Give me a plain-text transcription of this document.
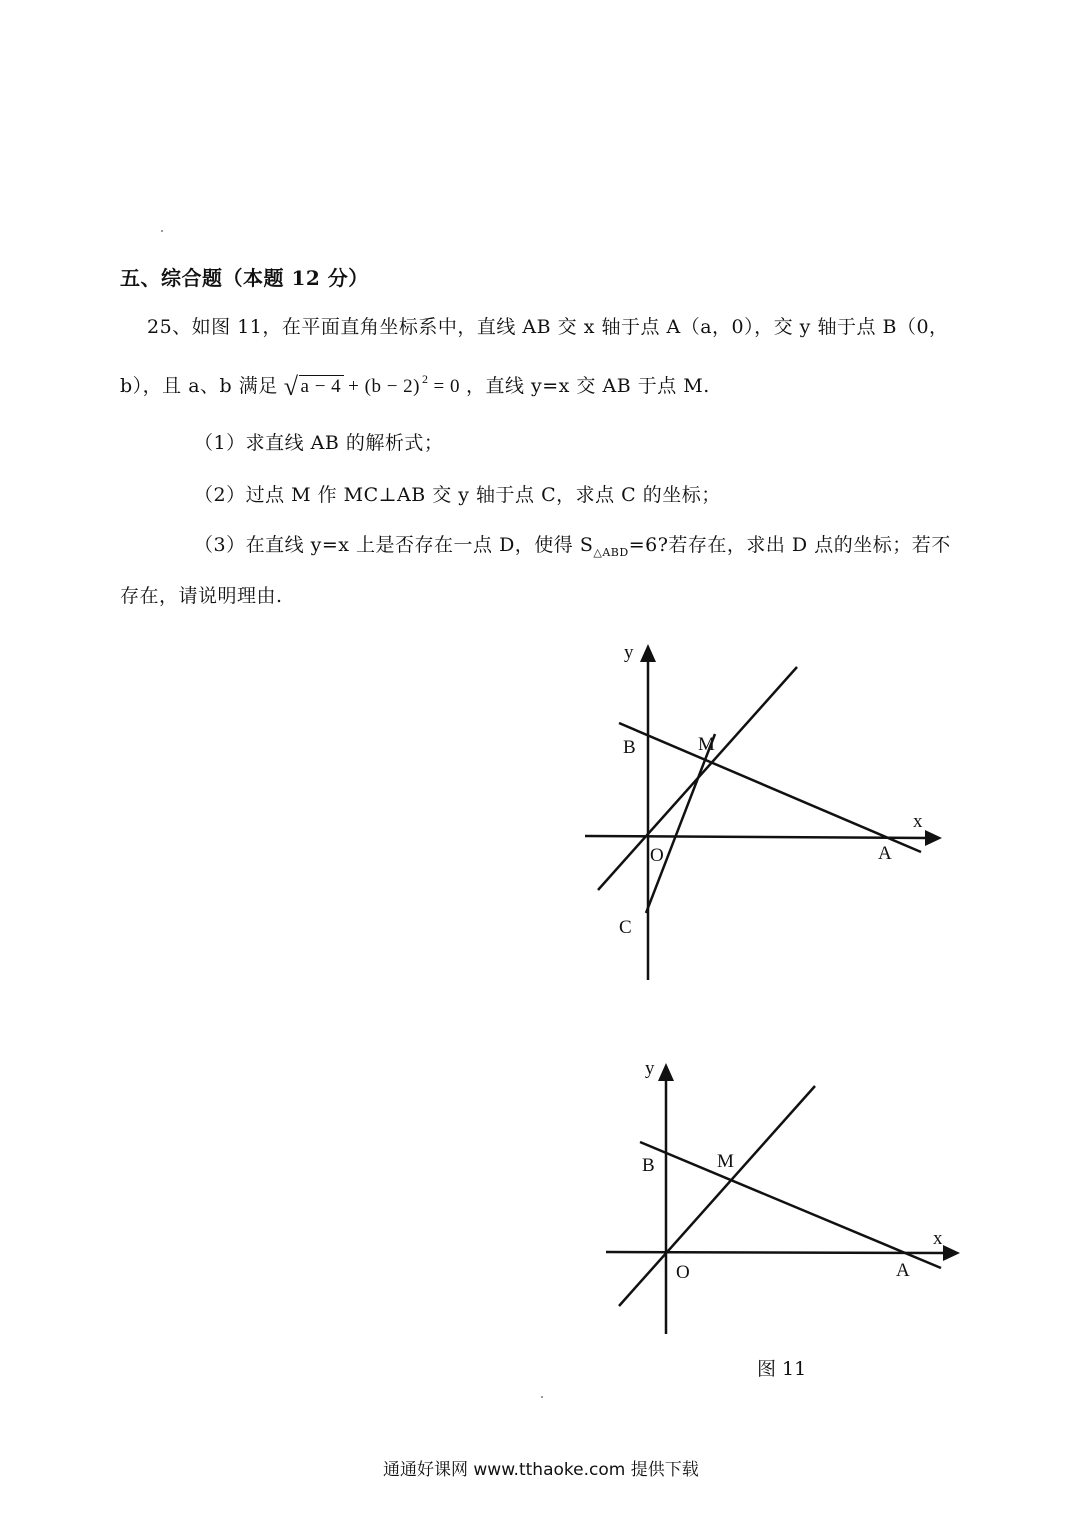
五、综合题（本题 12 分）
25、如图 11，在平面直角坐标系中，直线 AB 交 x 轴于点 A（a，0），交 y 轴于点 B（0，
b），且 a、b 满足 √ a − 4 + (b − 2) 2 = 0 ，直线 y=x 交 AB 于点 M.
（1）求直线 AB 的解析式；
（2）过点 M 作 MC⊥AB 交 y 轴于点 C，求点 C 的坐标；
（3）在直线 y=x 上是否存在一点 D，使得 S △ABD =6?若存在，求出 D 点的坐标；若不
存在，请说明理由.
y
x
B	M
O	A
C
y
x
B	M
O	A
图 11
通通好课网 www.tthaoke.com 提供下载
